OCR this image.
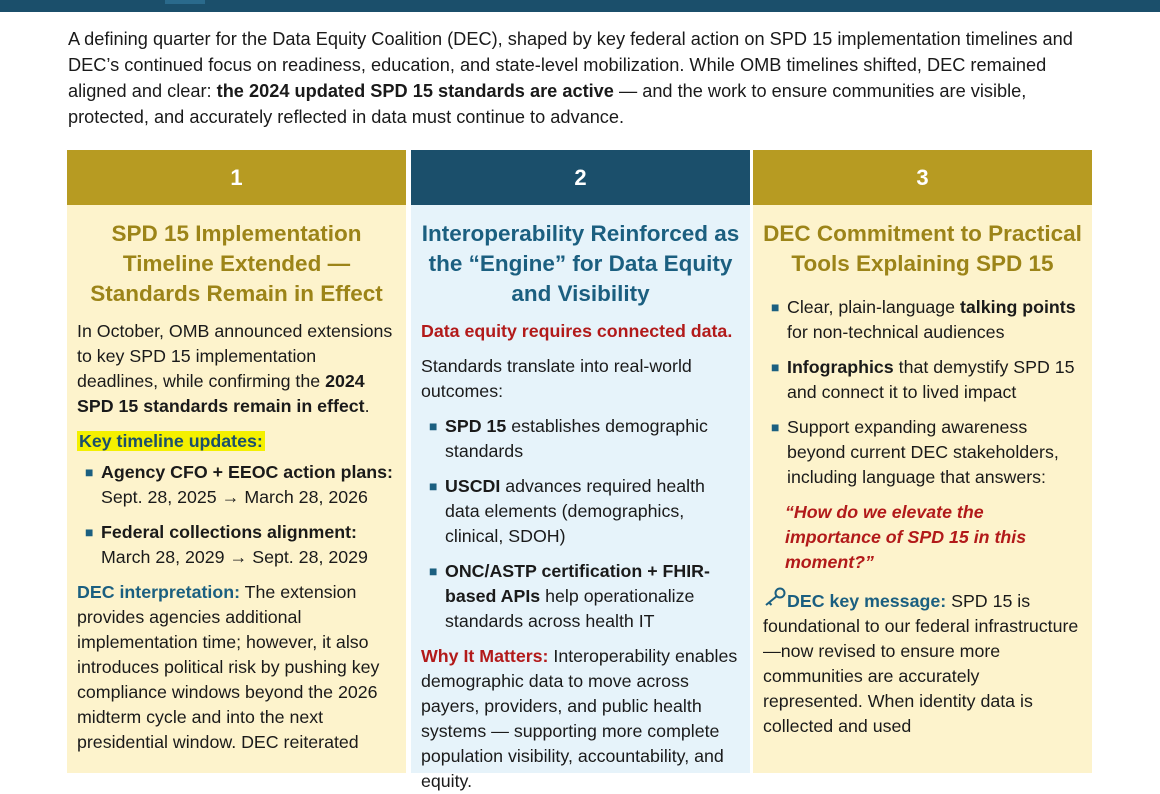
A defining quarter for the Data Equity Coalition (DEC), shaped by key federal action on SPD 15 implementation timelines and DEC’s continued focus on readiness, education, and state-level mobilization. While OMB timelines shifted, DEC remained aligned and clear: the 2024 updated SPD 15 standards are active — and the work to ensure communities are visible, protected, and accurately reflected in data must continue to advance.
1
SPD 15 Implementation Timeline Extended — Standards Remain in Effect

In October, OMB announced extensions to key SPD 15 implementation deadlines, while confirming the 2024 SPD 15 standards remain in effect.

Key timeline updates:
■ Agency CFO + EEOC action plans:
Sept. 28, 2025 → March 28, 2026
■ Federal collections alignment:
March 28, 2029 → Sept. 28, 2029

DEC interpretation: The extension provides agencies additional implementation time; however, it also introduces political risk by pushing key compliance windows beyond the 2026 midterm cycle and into the next presidential window. DEC reiterated

2
Interoperability Reinforced as the “Engine” for Data Equity and Visibility

Data equity requires connected data.

Standards translate into real-world outcomes:

■ SPD 15 establishes demographic standards
■ USCDI advances required health data elements (demographics, clinical, SDOH)
■ ONC/ASTP certification + FHIR-based APIs help operationalize standards across health IT

Why It Matters: Interoperability enables demographic data to move across payers, providers, and public health systems — supporting more complete population visibility, accountability, and equity.

3
DEC Commitment to Practical Tools Explaining SPD 15
■ Clear, plain-language talking points for non-technical audiences
■ Infographics that demystify SPD 15 and connect it to lived impact
■ Support expanding awareness beyond current DEC stakeholders, including language that answers:
“How do we elevate the importance of SPD 15 in this moment?”

DEC key message: SPD 15 is foundational to our federal infrastructure—now revised to ensure more communities are accurately represented. When identity data is collected and used
